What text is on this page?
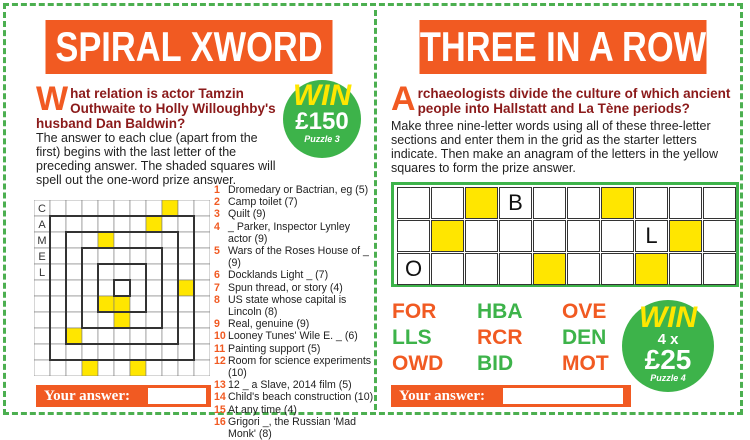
SPIRAL XWORD
What relation is actor Tamzin Outhwaite to Holly Willoughby's husband Dan Baldwin?
The answer to each clue (apart from the first) begins with the last letter of the preceding answer. The shaded squares will spell out the one-word prize answer.
WIN
£150
Puzzle 3
C
A
M
E
L
1 Dromedary or Bactrian, eg (5)
2 Camp toilet (7)
3 Quilt (9)
4 _ Parker, Inspector Lynley actor (9)
5 Wars of the Roses House of _ (9)
6 Docklands Light _ (7)
7 Spun thread, or story (4)
8 US state whose capital is Lincoln (8)
9 Real, genuine (9)
10 Looney Tunes' Wile E. _ (6)
11 Painting support (5)
12 Room for science experiments (10)
13 12 _ a Slave, 2014 film (5)
14 Child's beach construction (10)
15 At any time (4)
16 Grigori _, the Russian 'Mad Monk' (8)
Your answer:
THREE IN A ROW
Archaeologists divide the culture of which ancient people into Hallstatt and La Tène periods?
Make three nine-letter words using all of these three-letter sections and enter them in the grid as the starter letters indicate. Then make an anagram of the letters in the yellow squares to form the prize answer.
B
L
O
FOR HBA OVE
LLS RCR DEN
OWD BID MOT
WIN
4 x
£25
Puzzle 4
Your answer:
